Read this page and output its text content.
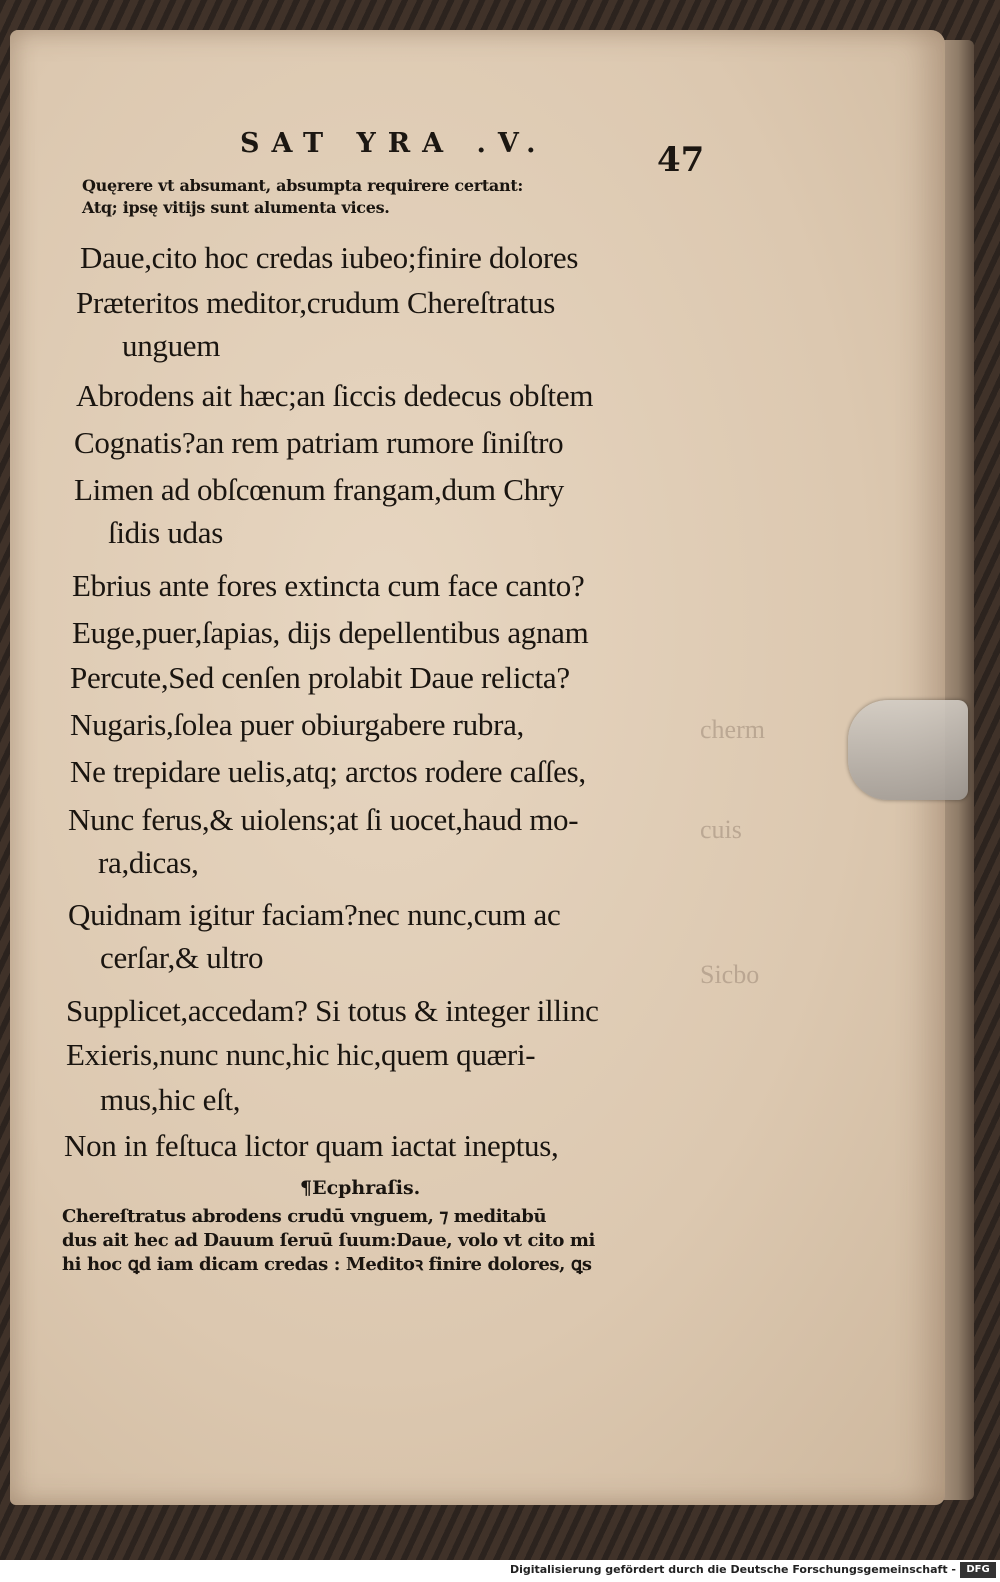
cherm
cuis
Sicbo
SAT YRA .V.	47
Quęrere vt absumant, absumpta requirere certant:
Atq; ipsę vitijs sunt alumenta vices.
Daue,cito hoc credas iubeo;finire dolores
Præteritos meditor,crudum Chereſtratus
unguem
Abrodens ait hæc;an ſiccis dedecus obſtem
Cognatis?an rem patriam rumore ſiniſtro
Limen ad obſcœnum frangam,dum Chry
ſidis udas
Ebrius ante fores extincta cum face canto?
Euge,puer,ſapias, dijs depellentibus agnam
Percute,Sed cenſen prolabit Daue relicta?
Nugaris,ſolea puer obiurgabere rubra,
Ne trepidare uelis,atq; arctos rodere caſſes,
Nunc ferus,& uiolens;at ſi uocet,haud mo-
ra,dicas,
Quidnam igitur faciam?nec nunc,cum ac
cerſar,& ultro
Supplicet,accedam? Si totus & integer illinc
Exieris,nunc nunc,hic hic,quem quæri-
mus,hic eſt,
Non in feſtuca lictor quam iactat ineptus,
¶Ecphraſis.
Chereſtratus abrodens crudū vnguem, ⁊ meditabū
dus ait hec ad Dauum ſeruū ſuum:Daue, volo vt cito mi
hi hoc ꝗd iam dicam credas : Meditoꝛ finire dolores, ꝗs
Digitalisierung gefördert durch die Deutsche Forschungsgemeinschaft -	DFG
